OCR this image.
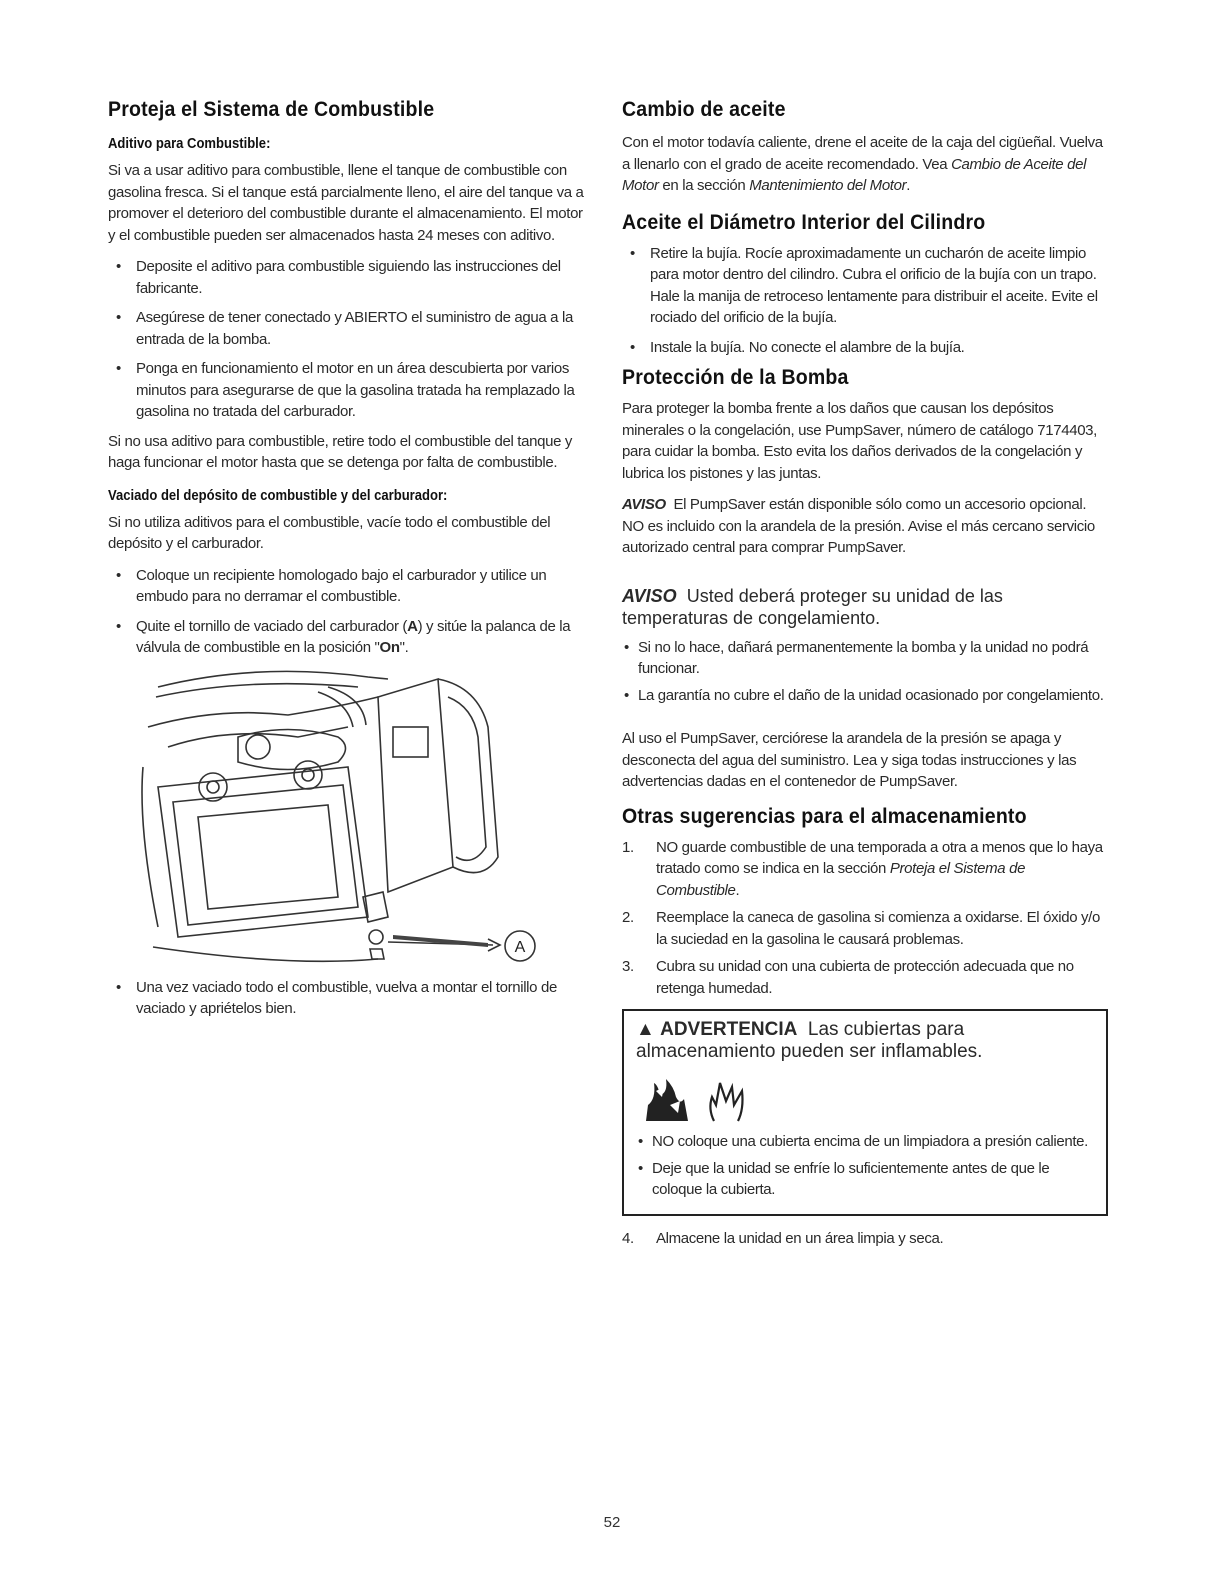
Proteja el Sistema de Combustible
Aditivo para Combustible:

Si va a usar aditivo para combustible, llene el tanque de combustible con gasolina fresca. Si el tanque está parcialmente lleno, el aire del tanque va a promover el deterioro del combustible durante el almacenamiento. El motor y el combustible pueden ser almacenados hasta 24 meses con aditivo.

• Deposite el aditivo para combustible siguiendo las instrucciones del fabricante.
• Asegúrese de tener conectado y ABIERTO el suministro de agua a la entrada de la bomba.
• Ponga en funcionamiento el motor en un área descubierta por varios minutos para asegurarse de que la gasolina tratada ha remplazado la gasolina no tratada del carburador.

Si no usa aditivo para combustible, retire todo el combustible del tanque y haga funcionar el motor hasta que se detenga por falta de combustible.

Vaciado del depósito de combustible y del carburador:

Si no utiliza aditivos para el combustible, vacíe todo el combustible del depósito y el carburador.

• Coloque un recipiente homologado bajo el carburador y utilice un embudo para no derramar el combustible.
• Quite el tornillo de vaciado del carburador (A) y sitúe la palanca de la válvula de combustible en la posición "On".
A
• Una vez vaciado todo el combustible, vuelva a montar el tornillo de vaciado y apriételos bien.
Cambio de aceite

Con el motor todavía caliente, drene el aceite de la caja del cigüeñal. Vuelva a llenarlo con el grado de aceite recomendado. Vea Cambio de Aceite del Motor en la sección Mantenimiento del Motor.

Aceite el Diámetro Interior del Cilindro
• Retire la bujía. Rocíe aproximadamente un cucharón de aceite limpio para motor dentro del cilindro. Cubra el orificio de la bujía con un trapo. Hale la manija de retroceso lentamente para distribuir el aceite. Evite el rociado del orificio de la bujía.
• Instale la bujía. No conecte el alambre de la bujía.
Protección de la Bomba

Para proteger la bomba frente a los daños que causan los depósitos minerales o la congelación, use PumpSaver, número de catálogo 7174403, para cuidar la bomba. Esto evita los daños derivados de la congelación y lubrica los pistones y las juntas.

AVISO El PumpSaver están disponible sólo como un accesorio opcional. NO es incluido con la arandela de la presión. Avise el más cercano servicio autorizado central para comprar PumpSaver.

AVISO Usted deberá proteger su unidad de las temperaturas de congelamiento.

• Si no lo hace, dañará permanentemente la bomba y la unidad no podrá funcionar.
• La garantía no cubre el daño de la unidad ocasionado por congelamiento.

Al uso el PumpSaver, cerciórese la arandela de la presión se apaga y desconecta del agua del suministro. Lea y siga todas instrucciones y las advertencias dadas en el contenedor de PumpSaver.

Otras sugerencias para el almacenamiento
1. NO guarde combustible de una temporada a otra a menos que lo haya tratado como se indica en la sección Proteja el Sistema de Combustible.
2. Reemplace la caneca de gasolina si comienza a oxidarse. El óxido y/o la suciedad en la gasolina le causará problemas.
3. Cubra su unidad con una cubierta de protección adecuada que no retenga humedad.
▲ ADVERTENCIA Las cubiertas para almacenamiento pueden ser inflamables.
• NO coloque una cubierta encima de un limpiadora a presión caliente.
• Deje que la unidad se enfríe lo suficientemente antes de que le coloque la cubierta.
4. Almacene la unidad en un área limpia y seca.
52
